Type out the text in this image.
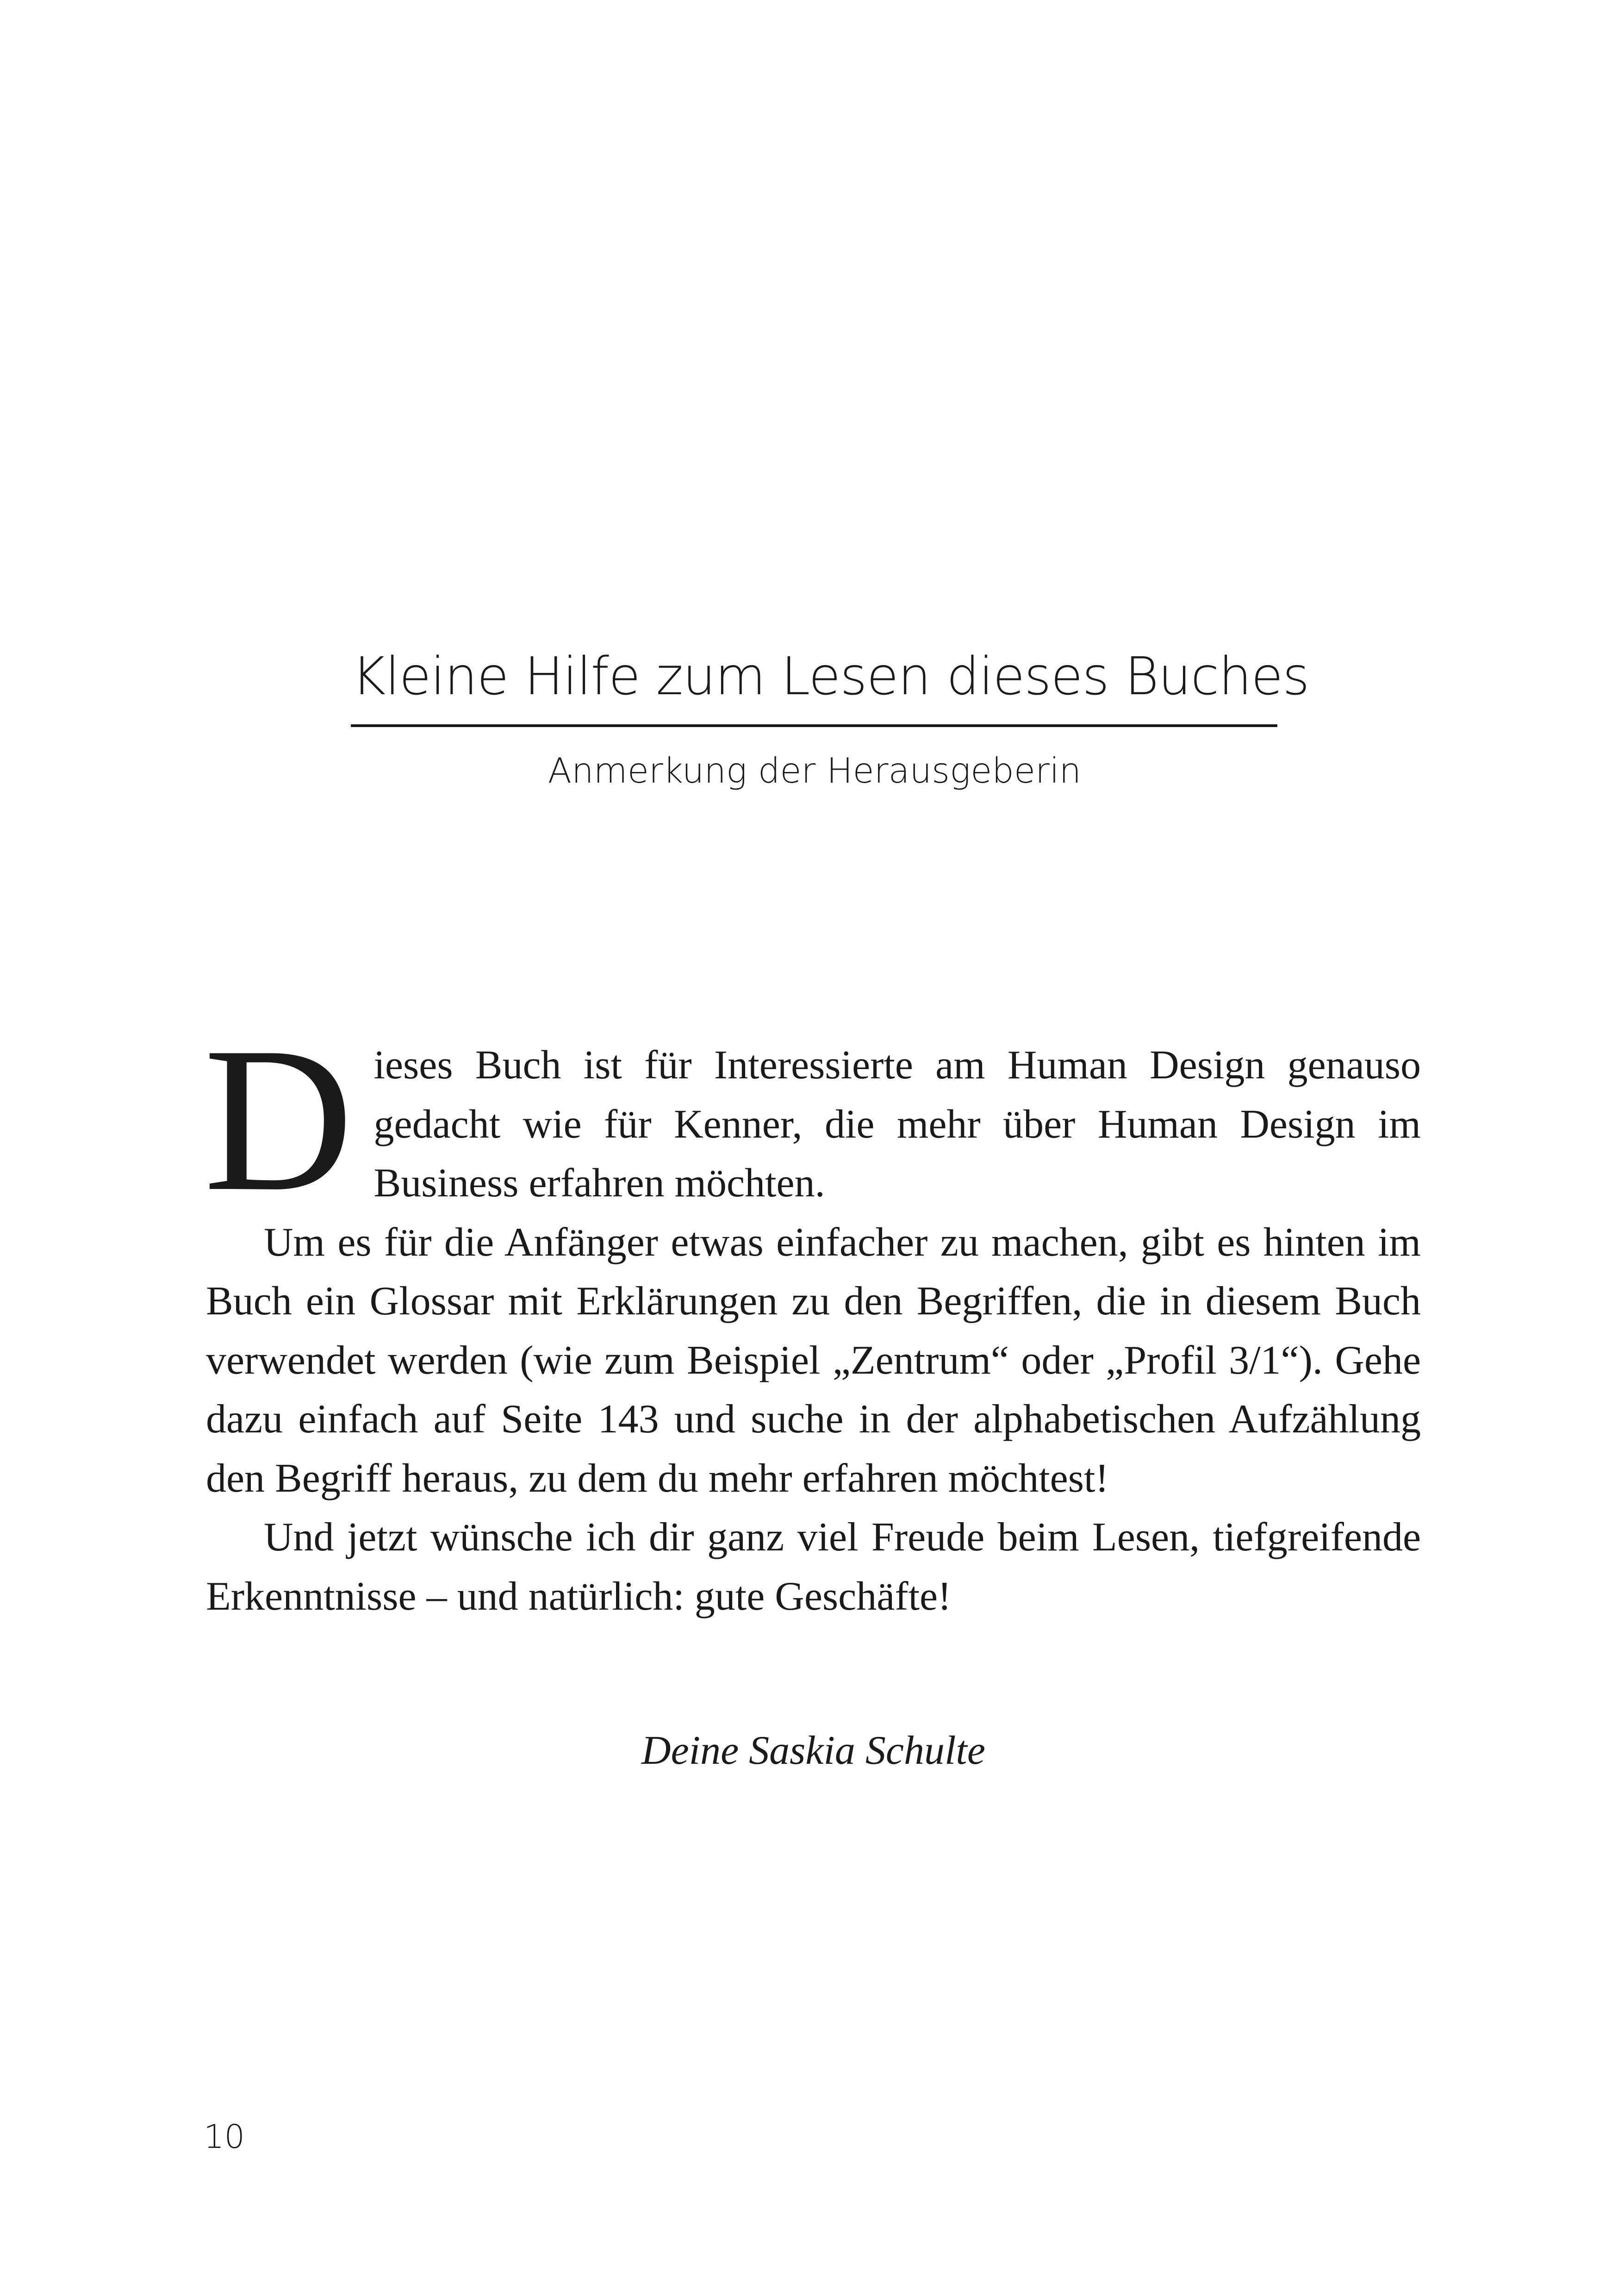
Kleine Hilfe zum Lesen dieses Buches
Anmerkung der Herausgeberin

Dieses Buch ist für Interessierte am Human Design genauso gedacht wie für Kenner, die mehr über Human Design im Business erfahren möchten.

Um es für die Anfänger etwas einfacher zu machen, gibt es hinten im Buch ein Glossar mit Erklärungen zu den Begriffen, die in diesem Buch verwendet werden (wie zum Beispiel „Zentrum“ oder „Profil 3/1“). Gehe dazu einfach auf Seite 143 und suche in der alphabetischen Aufzählung den Begriff heraus, zu dem du mehr erfahren möchtest!

Und jetzt wünsche ich dir ganz viel Freude beim Lesen, tiefgreifende Erkenntnisse – und natürlich: gute Geschäfte!

Deine Saskia Schulte
10
